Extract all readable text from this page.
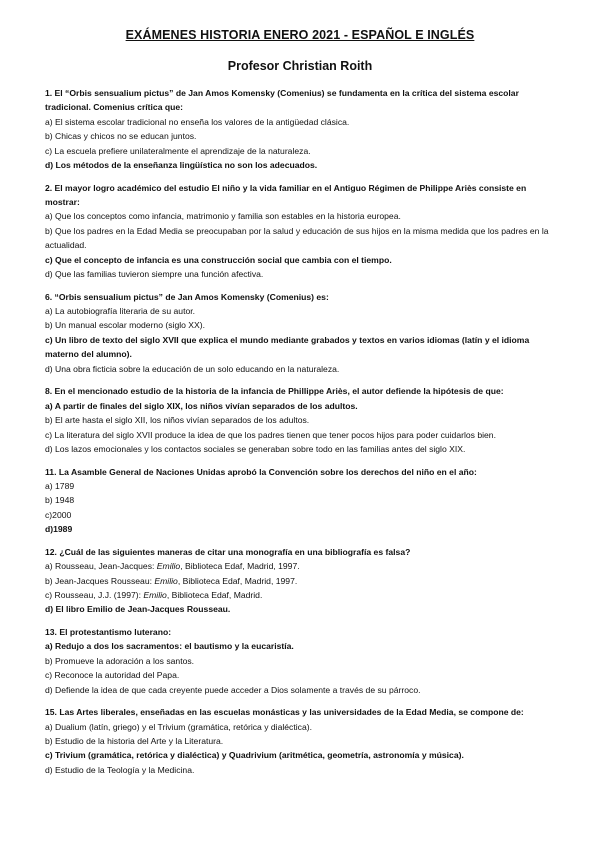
EXÁMENES HISTORIA ENERO 2021 - ESPAÑOL E INGLÉS
Profesor Christian Roith
1. El “Orbis sensualium pictus” de Jan Amos Komensky (Comenius) se fundamenta en la crítica del sistema escolar tradicional. Comenius crítica que:
a) El sistema escolar tradicional no enseña los valores de la antigüedad clásica.
b) Chicas y chicos no se educan juntos.
c) La escuela prefiere unilateralmente el aprendizaje de la naturaleza.
d) Los métodos de la enseñanza lingüística no son los adecuados.
2. El mayor logro académico del estudio El niño y la vida familiar en el Antiguo Régimen de Philippe Ariès consiste en mostrar:
a) Que los conceptos como infancia, matrimonio y familia son estables en la historia europea.
b) Que los padres en la Edad Media se preocupaban por la salud y educación de sus hijos en la misma medida que los padres en la actualidad.
c) Que el concepto de infancia es una construcción social que cambia con el tiempo.
d) Que las familias tuvieron siempre una función afectiva.
6. “Orbis sensualium pictus” de Jan Amos Komensky (Comenius) es:
a) La autobiografía literaria de su autor.
b) Un manual escolar moderno (siglo XX).
c) Un libro de texto del siglo XVII que explica el mundo mediante grabados y textos en varios idiomas (latín y el idioma materno del alumno).
d) Una obra ficticia sobre la educación de un solo educando en la naturaleza.
8. En el mencionado estudio de la historia de la infancia de Phillippe Ariès, el autor defiende la hipótesis de que:
a) A partir de finales del siglo XIX, los niños vivían separados de los adultos.
b) El arte hasta el siglo XII, los niños vivían separados de los adultos.
c) La literatura del siglo XVII produce la idea de que los padres tienen que tener pocos hijos para poder cuidarlos bien.
d) Los lazos emocionales y los contactos sociales se generaban sobre todo en las familias antes del siglo XIX.
11. La Asamble General de Naciones Unidas aprobó la Convención sobre los derechos del niño en el año:
a) 1789
b) 1948
c)2000
d)1989
12. ¿Cuál de las siguientes maneras de citar una monografía en una bibliografía es falsa?
a) Rousseau, Jean-Jacques: Emilio, Biblioteca Edaf, Madrid, 1997.
b) Jean-Jacques Rousseau: Emilio, Biblioteca Edaf, Madrid, 1997.
c) Rousseau, J.J. (1997): Emilio, Biblioteca Edaf, Madrid.
d) El libro Emilio de Jean-Jacques Rousseau.
13. El protestantismo luterano:
a) Redujo a dos los sacramentos: el bautismo y la eucaristía.
b) Promueve la adoración a los santos.
c) Reconoce la autoridad del Papa.
d) Defiende la idea de que cada creyente puede acceder a Dios solamente a través de su párroco.
15. Las Artes liberales, enseñadas en las escuelas monásticas y las universidades de la Edad Media, se compone de:
a) Dualium (latín, griego) y el Trivium (gramática, retórica y dialéctica).
b) Estudio de la historia del Arte y la Literatura.
c) Trivium (gramática, retórica y dialéctica) y Quadrivium (aritmética, geometría, astronomía y música).
d) Estudio de la Teología y la Medicina.
